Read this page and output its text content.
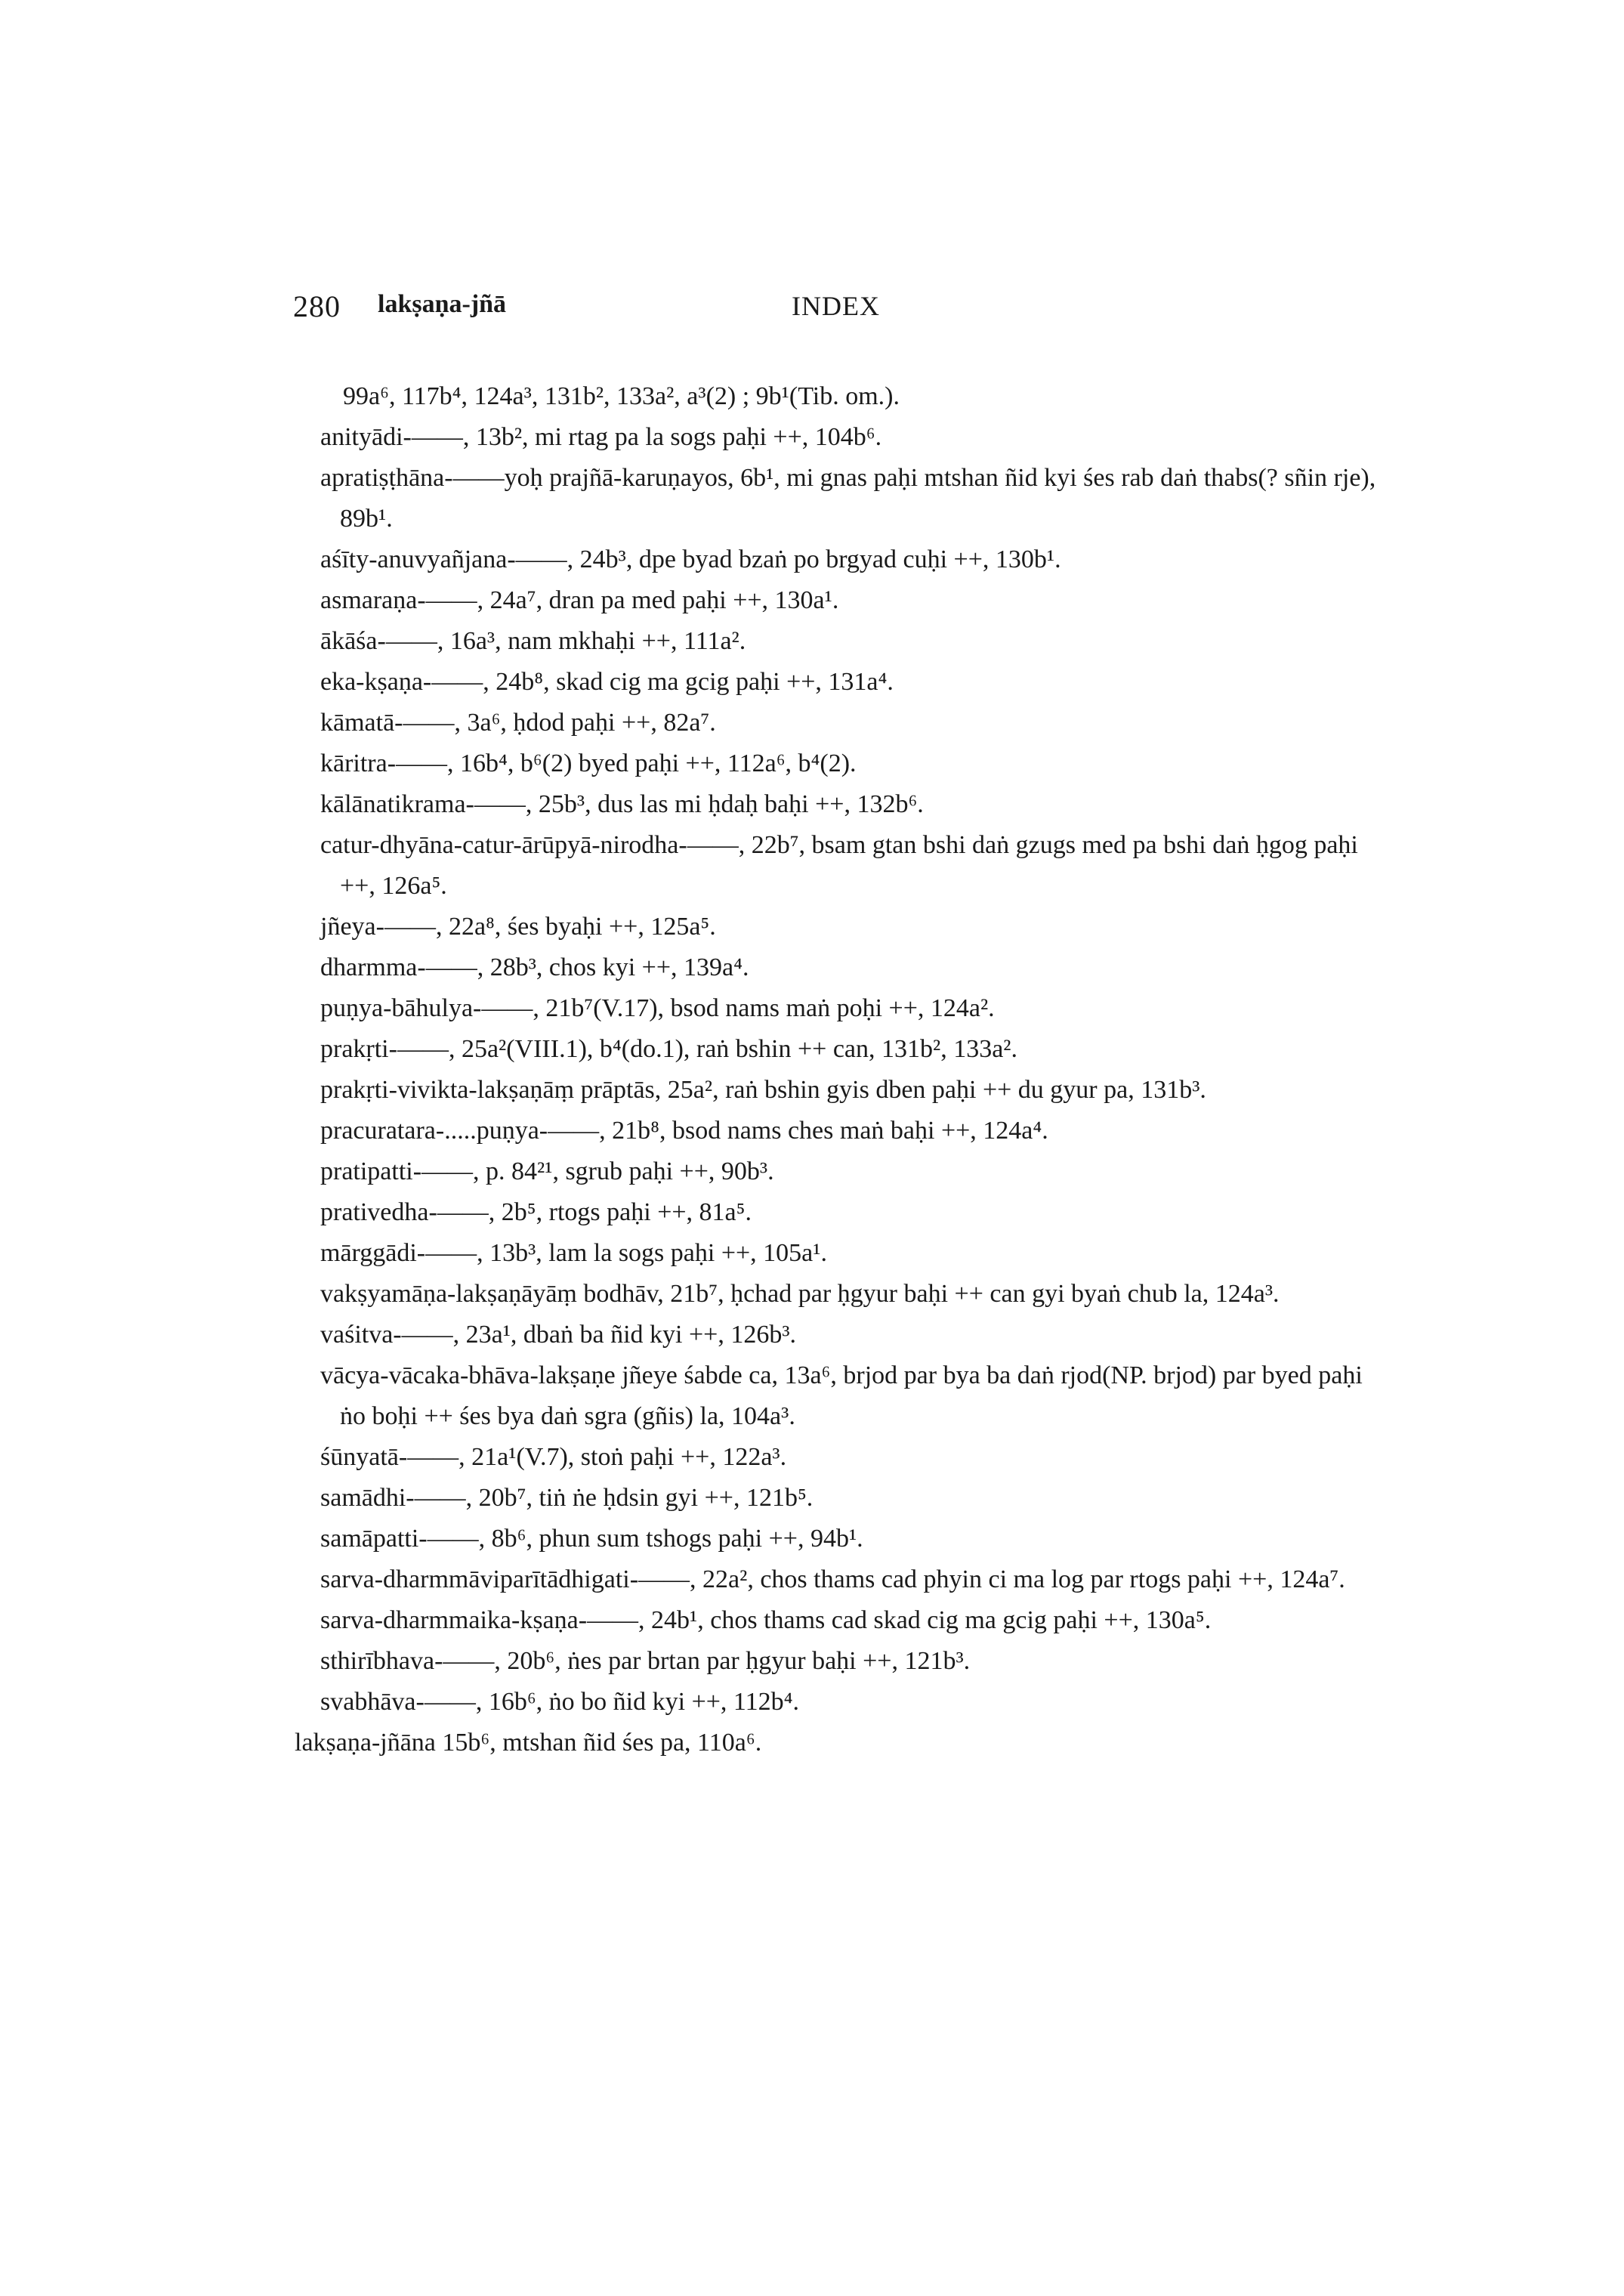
280 lakṣaṇa-jñā	INDEX

99a⁶, 117b⁴, 124a³, 131b², 133a², a³(2) ; 9b¹(Tib. om.).

anityādi-——, 13b², mi rtag pa la sogs paḥi ++, 104b⁶.

apratiṣṭhāna-——yoḥ prajñā-karuṇayos, 6b¹, mi gnas paḥi mtshan ñid kyi śes rab daṅ thabs(? sñin rje), 89b¹.

aśīty-anuvyañjana-——, 24b³, dpe byad bzaṅ po brgyad cuḥi ++, 130b¹.

asmaraṇa-——, 24a⁷, dran pa med paḥi ++, 130a¹.

ākāśa-——, 16a³, nam mkhaḥi ++, 111a².

eka-kṣaṇa-——, 24b⁸, skad cig ma gcig paḥi ++, 131a⁴.

kāmatā-——, 3a⁶, ḥdod paḥi ++, 82a⁷.

kāritra-——, 16b⁴, b⁶(2) byed paḥi ++, 112a⁶, b⁴(2).

kālānatikrama-——, 25b³, dus las mi ḥdaḥ baḥi ++, 132b⁶.

catur-dhyāna-catur-ārūpyā-nirodha-——, 22b⁷, bsam gtan bshi daṅ gzugs med pa bshi daṅ ḥgog paḥi ++, 126a⁵.

jñeya-——, 22a⁸, śes byaḥi ++, 125a⁵.

dharmma-——, 28b³, chos kyi ++, 139a⁴.

puṇya-bāhulya-——, 21b⁷(V.17), bsod nams maṅ poḥi ++, 124a².

prakṛti-——, 25a²(VIII.1), b⁴(do.1), raṅ bshin ++ can, 131b², 133a².

prakṛti-vivikta-lakṣaṇāṃ prāptās, 25a², raṅ bshin gyis dben paḥi ++ du gyur pa, 131b³.

pracuratara-.....puṇya-——, 21b⁸, bsod nams ches maṅ baḥi ++, 124a⁴.

pratipatti-——, p. 84²¹, sgrub paḥi ++, 90b³.

prativedha-——, 2b⁵, rtogs paḥi ++, 81a⁵.

mārggādi-——, 13b³, lam la sogs paḥi ++, 105a¹.

vakṣyamāṇa-lakṣaṇāyāṃ bodhāv, 21b⁷, ḥchad par ḥgyur baḥi ++ can gyi byaṅ chub la, 124a³.

vaśitva-——, 23a¹, dbaṅ ba ñid kyi ++, 126b³.

vācya-vācaka-bhāva-lakṣaṇe jñeye śabde ca, 13a⁶, brjod par bya ba daṅ rjod(NP. brjod) par byed paḥi ṅo boḥi ++ śes bya daṅ sgra (gñis) la, 104a³.

śūnyatā-——, 21a¹(V.7), stoṅ paḥi ++, 122a³.

samādhi-——, 20b⁷, tiṅ ṅe ḥdsin gyi ++, 121b⁵.

samāpatti-——, 8b⁶, phun sum tshogs paḥi ++, 94b¹.

sarva-dharmmāviparītādhigati-——, 22a², chos thams cad phyin ci ma log par rtogs paḥi ++, 124a⁷.

sarva-dharmmaika-kṣaṇa-——, 24b¹, chos thams cad skad cig ma gcig paḥi ++, 130a⁵.

sthirībhava-——, 20b⁶, ṅes par brtan par ḥgyur baḥi ++, 121b³.

svabhāva-——, 16b⁶, ṅo bo ñid kyi ++, 112b⁴.

lakṣaṇa-jñāna 15b⁶, mtshan ñid śes pa, 110a⁶.
